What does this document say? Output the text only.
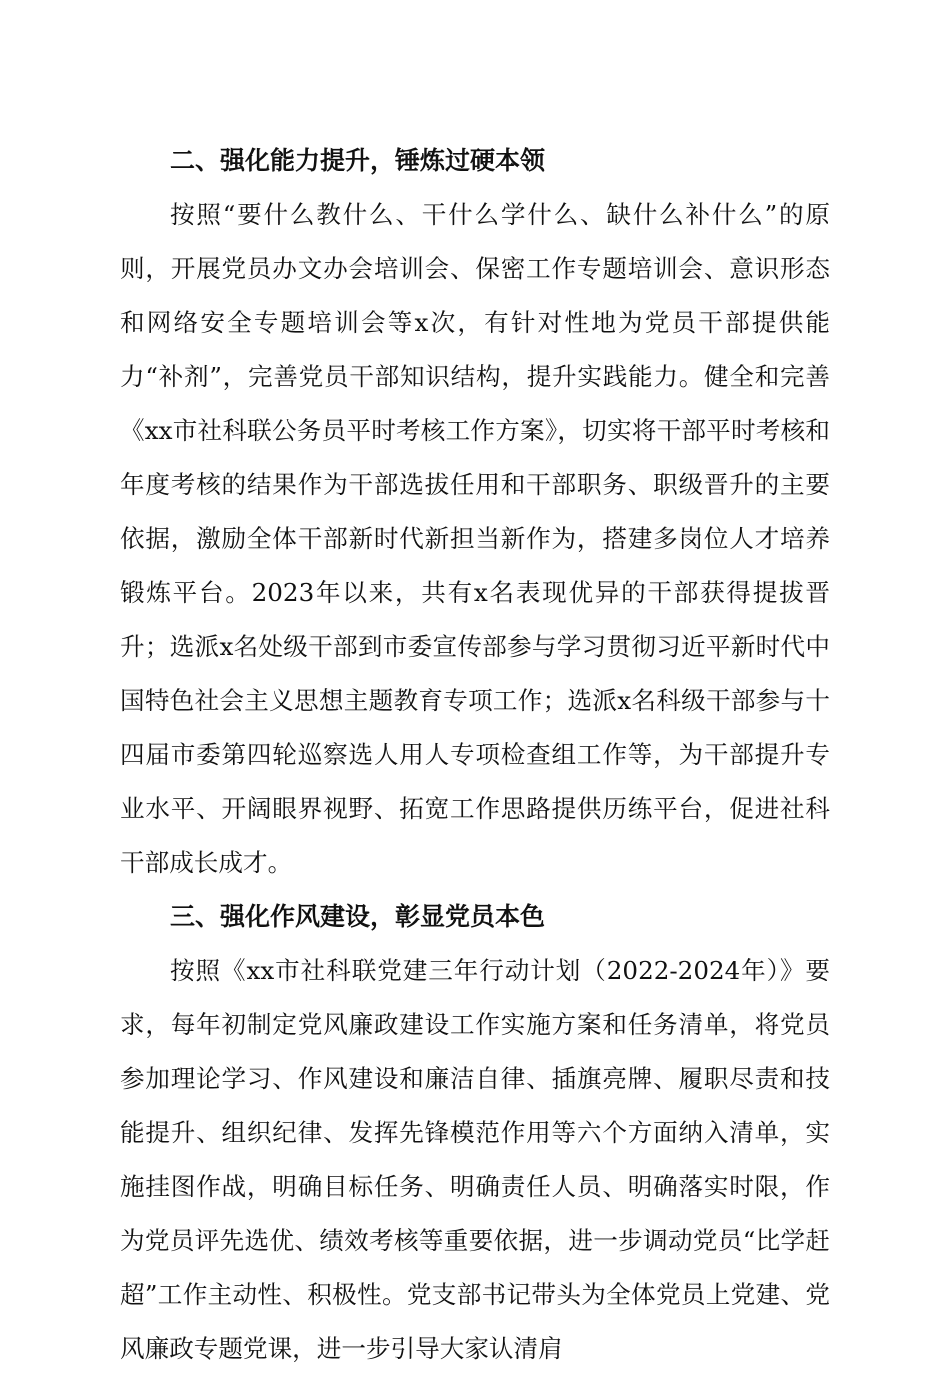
二、强化能力提升，锤炼过硬本领

按照“要什么教什么、干什么学什么、缺什么补什么”的原则，开展党员办文办会培训会、保密工作专题培训会、意识形态和网络安全专题培训会等x次，有针对性地为党员干部提供能力“补剂”，完善党员干部知识结构，提升实践能力。健全和完善《xx市社科联公务员平时考核工作方案》，切实将干部平时考核和年度考核的结果作为干部选拔任用和干部职务、职级晋升的主要依据，激励全体干部新时代新担当新作为，搭建多岗位人才培养锻炼平台。2023年以来，共有x名表现优异的干部获得提拔晋升；选派x名处级干部到市委宣传部参与学习贯彻习近平新时代中国特色社会主义思想主题教育专项工作；选派x名科级干部参与十四届市委第四轮巡察选人用人专项检查组工作等，为干部提升专业水平、开阔眼界视野、拓宽工作思路提供历练平台，促进社科干部成长成才。

三、强化作风建设，彰显党员本色

按照《xx市社科联党建三年行动计划（2022-2024年）》要求，每年初制定党风廉政建设工作实施方案和任务清单，将党员参加理论学习、作风建设和廉洁自律、插旗亮牌、履职尽责和技能提升、组织纪律、发挥先锋模范作用等六个方面纳入清单，实施挂图作战，明确目标任务、明确责任人员、明确落实时限，作为党员评先选优、绩效考核等重要依据，进一步调动党员“比学赶超”工作主动性、积极性。党支部书记带头为全体党员上党建、党风廉政专题党课，进一步引导大家认清肩
